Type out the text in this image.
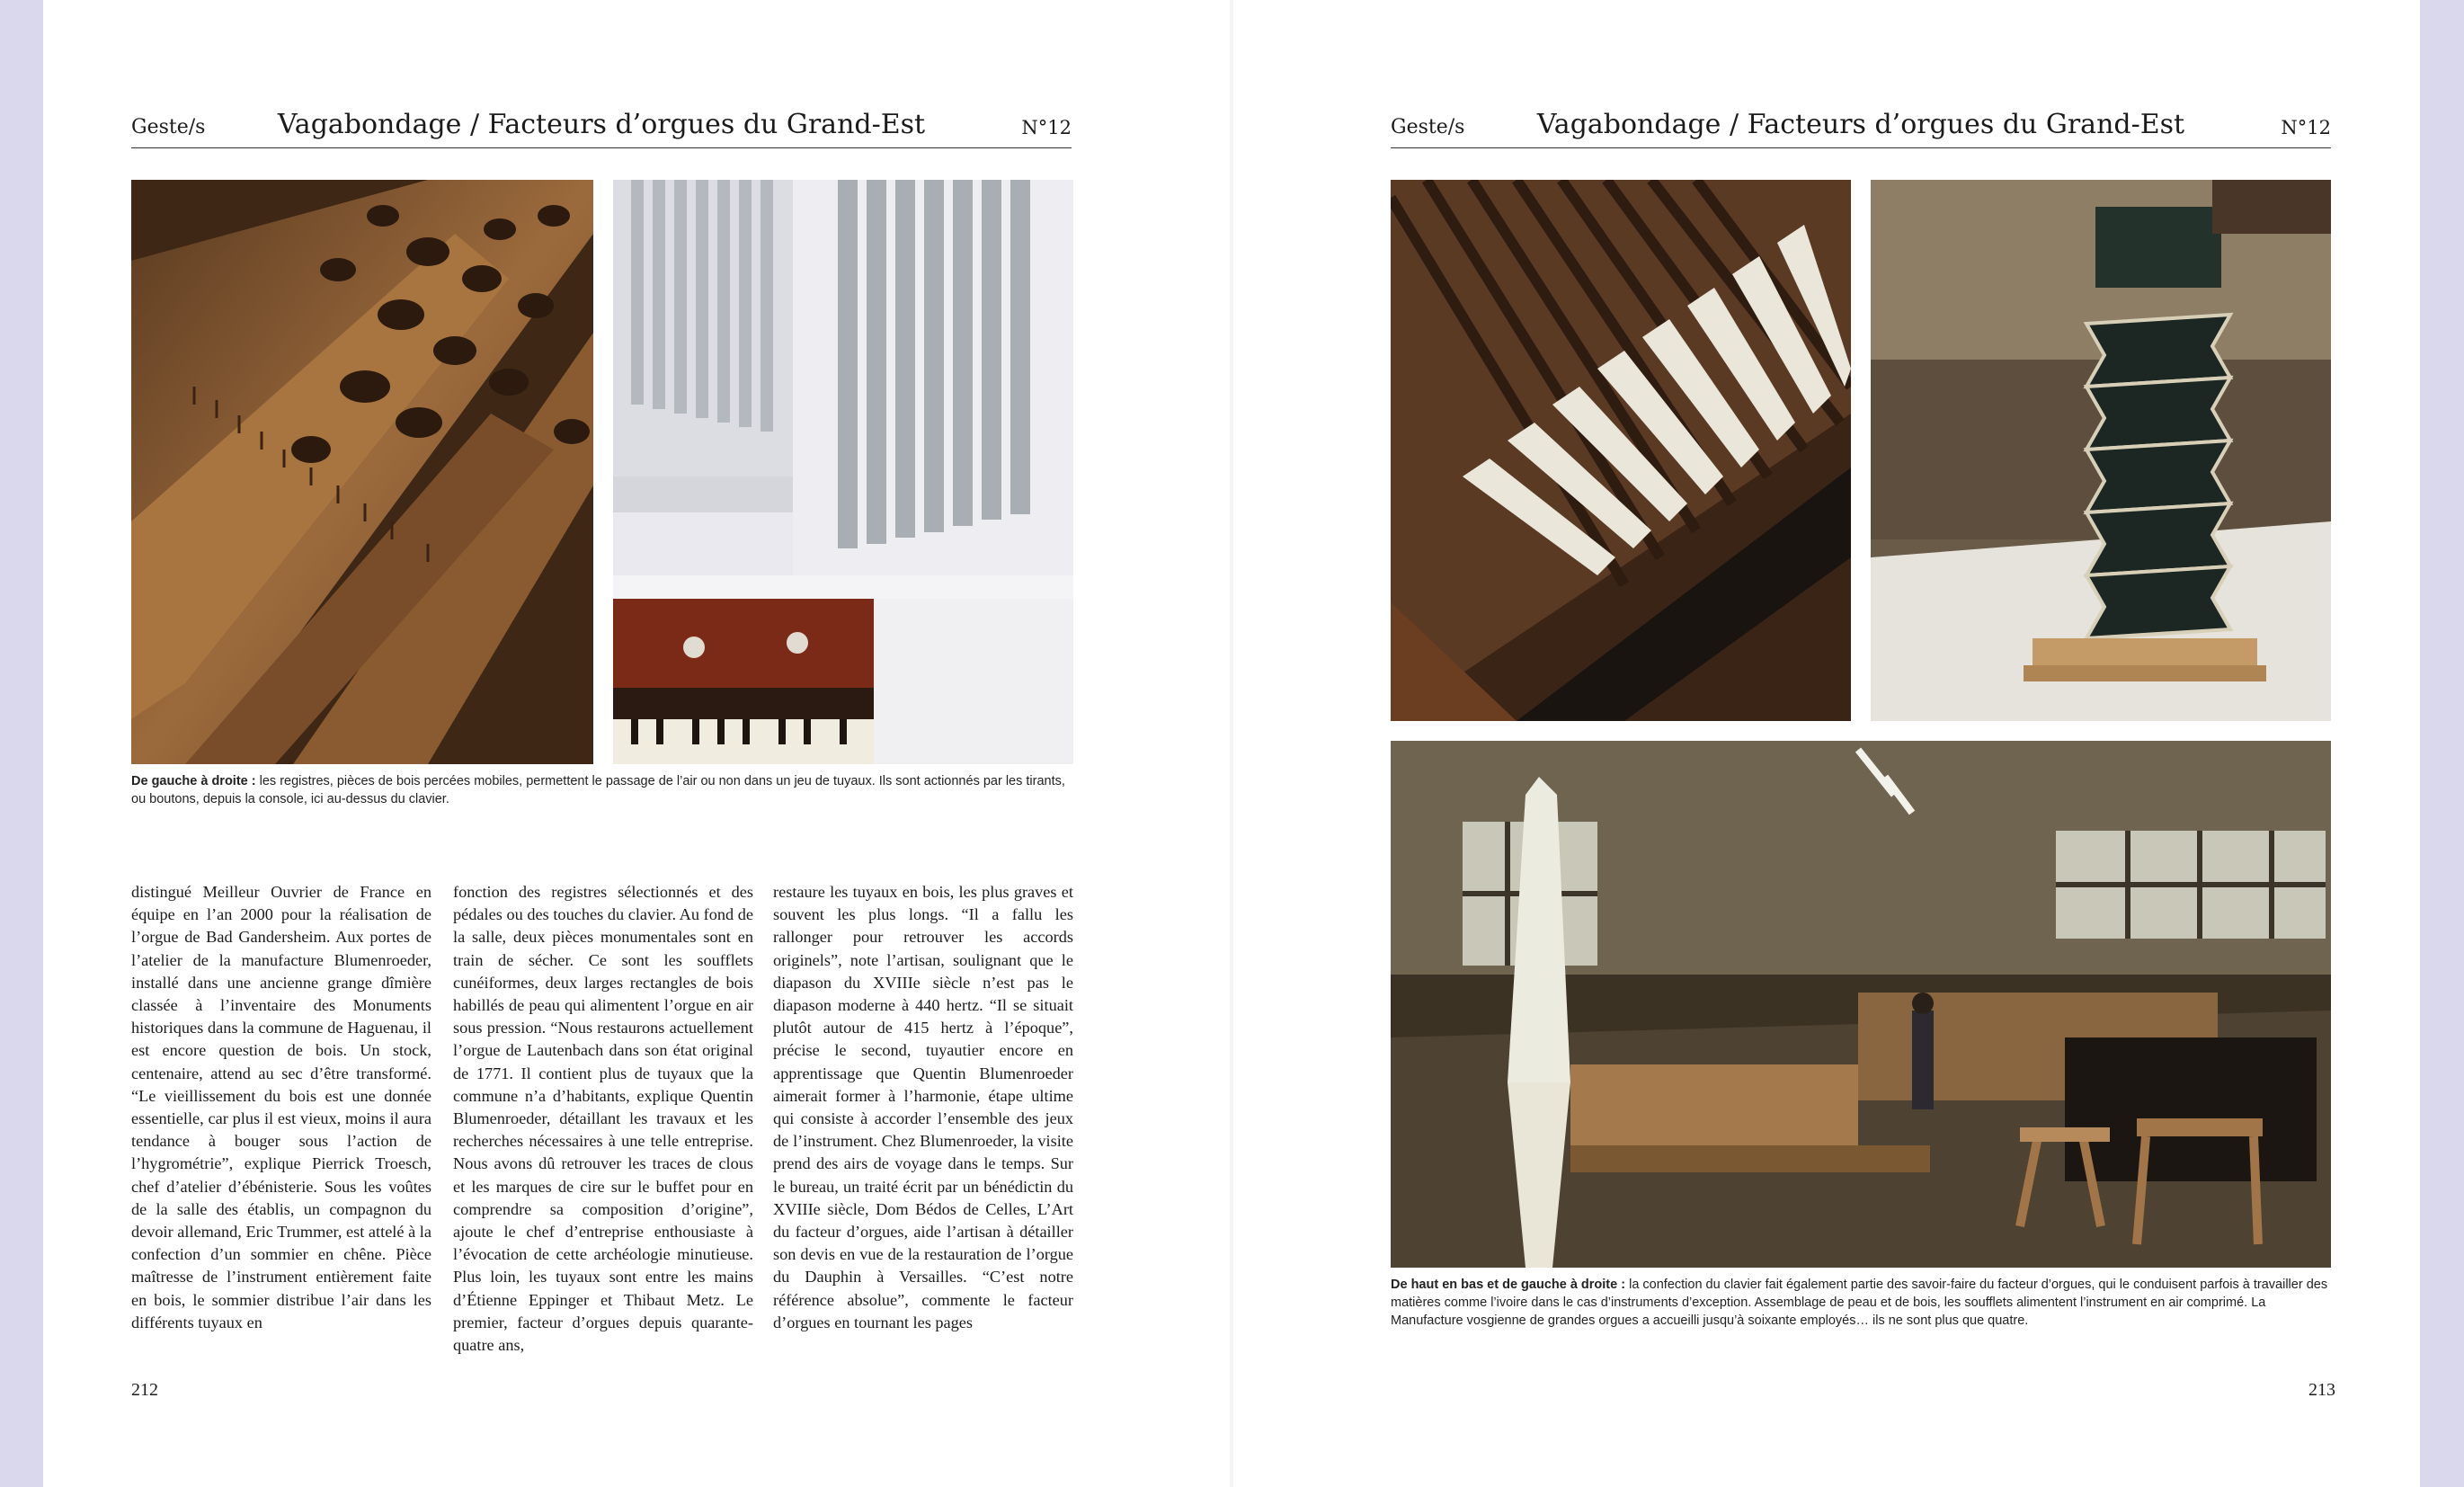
Geste/s	Vagabondage / Facteurs d’orgues du Grand-Est	N°12
De gauche à droite : les registres, pièces de bois percées mobiles, permettent le passage de l’air ou non dans un jeu de tuyaux. Ils sont actionnés par les tirants, ou boutons, depuis la console, ici au-dessus du clavier.
distingué Meilleur Ouvrier de France en équipe en l’an 2000 pour la réalisation de l’orgue de Bad Gandersheim. Aux portes de l’atelier de la manufacture Blumenroeder, installé dans une ancienne grange dîmière classée à l’inventaire des Monuments historiques dans la commune de Haguenau, il est encore question de bois. Un stock, centenaire, attend au sec d’être transformé. “Le vieillissement du bois est une donnée essentielle, car plus il est vieux, moins il aura tendance à bouger sous l’action de l’hygrométrie”, explique Pierrick Troesch, chef d’atelier d’ébénisterie. Sous les voûtes de la salle des établis, un compagnon du devoir allemand, Eric Trummer, est attelé à la confection d’un sommier en chêne. Pièce maîtresse de l’instrument entièrement faite en bois, le sommier distribue l’air dans les différents tuyaux en
fonction des registres sélectionnés et des pédales ou des touches du clavier. Au fond de la salle, deux pièces monumentales sont en train de sécher. Ce sont les soufflets cunéiformes, deux larges rectangles de bois habillés de peau qui alimentent l’orgue en air sous pression. “Nous restaurons actuellement l’orgue de Lautenbach dans son état original de 1771. Il contient plus de tuyaux que la commune n’a d’habitants, explique Quentin Blumenroeder, détaillant les travaux et les recherches nécessaires à une telle entreprise. Nous avons dû retrouver les traces de clous et les marques de cire sur le buffet pour en comprendre sa composition d’origine”, ajoute le chef d’entreprise enthousiaste à l’évocation de cette archéologie minutieuse. Plus loin, les tuyaux sont entre les mains d’Étienne Eppinger et Thibaut Metz. Le premier, facteur d’orgues depuis quarante-quatre ans,
restaure les tuyaux en bois, les plus graves et souvent les plus longs. “Il a fallu les rallonger pour retrouver les accords originels”, note l’artisan, soulignant que le diapason du XVIIIe siècle n’est pas le diapason moderne à 440 hertz. “Il se situait plutôt autour de 415 hertz à l’époque”, précise le second, tuyautier encore en apprentissage que Quentin Blumenroeder aimerait former à l’harmonie, étape ultime qui consiste à accorder l’ensemble des jeux de l’instrument. Chez Blumenroeder, la visite prend des airs de voyage dans le temps. Sur le bureau, un traité écrit par un bénédictin du XVIIIe siècle, Dom Bédos de Celles, L’Art du facteur d’orgues, aide l’artisan à détailler son devis en vue de la restauration de l’orgue du Dauphin à Versailles. “C’est notre référence absolue”, commente le facteur d’orgues en tournant les pages
212
Geste/s	Vagabondage / Facteurs d’orgues du Grand-Est	N°12
De haut en bas et de gauche à droite : la confection du clavier fait également partie des savoir-faire du facteur d’orgues, qui le conduisent parfois à travailler des matières comme l’ivoire dans le cas d’instruments d’exception. Assemblage de peau et de bois, les soufflets alimentent l’instrument en air comprimé. La Manufacture vosgienne de grandes orgues a accueilli jusqu’à soixante employés… ils ne sont plus que quatre.
213
